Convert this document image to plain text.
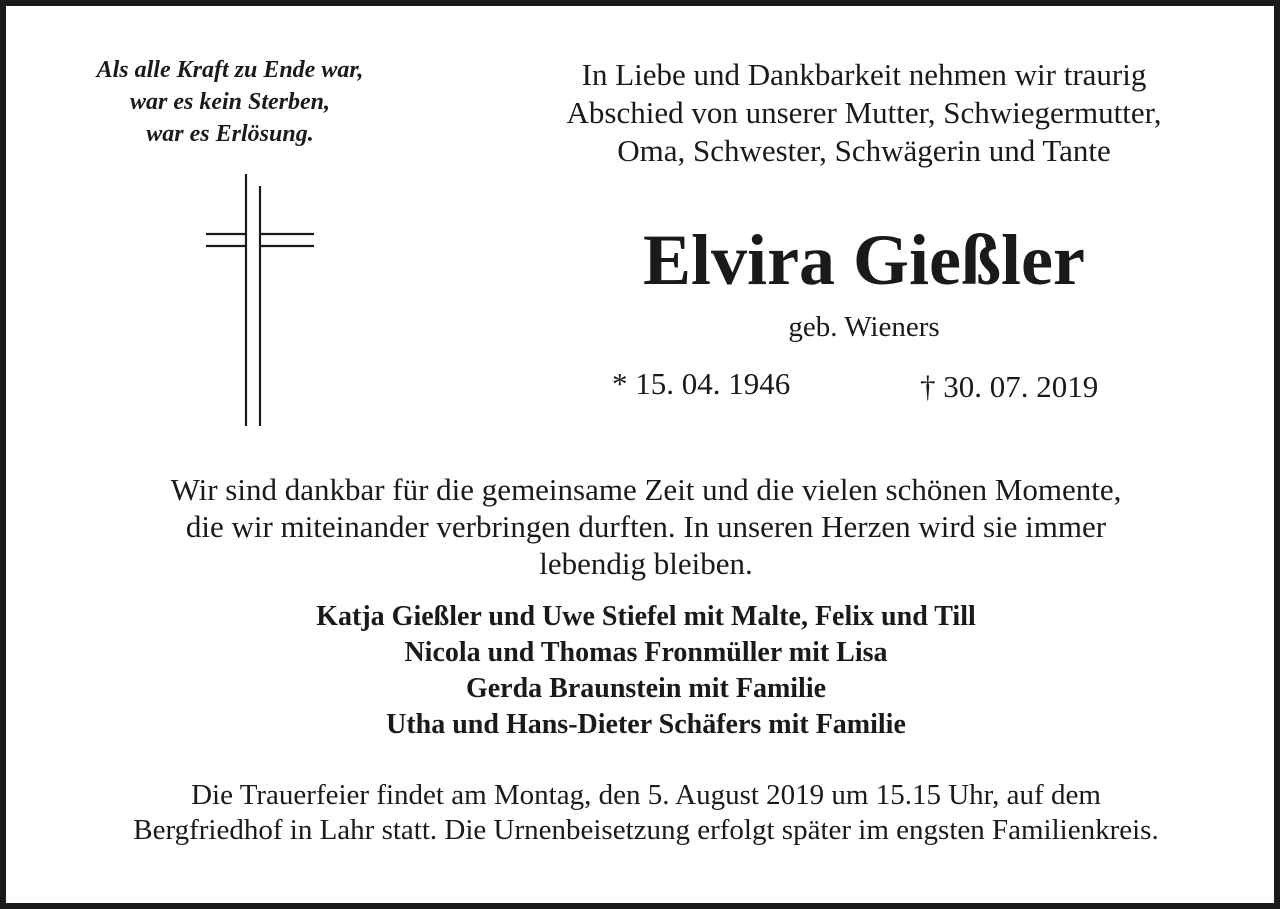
Als alle Kraft zu Ende war,
war es kein Sterben,
war es Erlösung.
In Liebe und Dankbarkeit nehmen wir traurig
Abschied von unserer Mutter, Schwiegermutter,
Oma, Schwester, Schwägerin und Tante
Elvira Gießler
geb. Wieners
* 15. 04. 1946	† 30. 07. 2019
Wir sind dankbar für die gemeinsame Zeit und die vielen schönen Momente,
die wir miteinander verbringen durften. In unseren Herzen wird sie immer
lebendig bleiben.
Katja Gießler und Uwe Stiefel mit Malte, Felix und Till
Nicola und Thomas Fronmüller mit Lisa
Gerda Braunstein mit Familie
Utha und Hans-Dieter Schäfers mit Familie
Die Trauerfeier findet am Montag, den 5. August 2019 um 15.15 Uhr, auf dem
Bergfriedhof in Lahr statt. Die Urnenbeisetzung erfolgt später im engsten Familienkreis.
